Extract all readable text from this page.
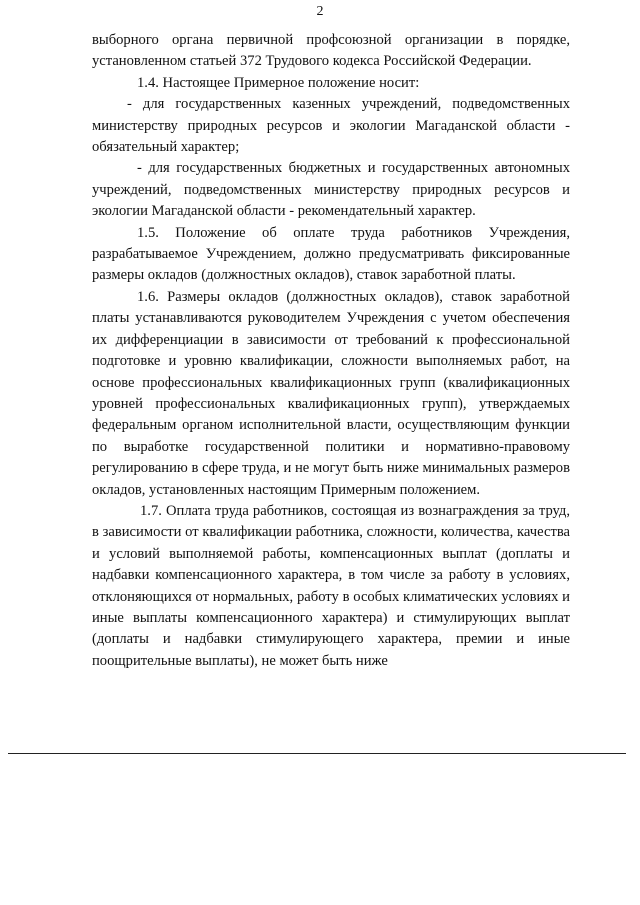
2

выборного органа первичной профсоюзной организации в порядке, установленном статьей 372 Трудового кодекса Российской Федерации.

1.4. Настоящее Примерное положение носит:

- для государственных казенных учреждений, подведомственных министерству природных ресурсов и экологии Магаданской области - обязательный характер;

- для государственных бюджетных и государственных автономных учреждений, подведомственных министерству природных ресурсов и экологии Магаданской области - рекомендательный характер.

1.5. Положение об оплате труда работников Учреждения, разрабатываемое Учреждением, должно предусматривать фиксированные размеры окладов (должностных окладов), ставок заработной платы.

1.6. Размеры окладов (должностных окладов), ставок заработной платы устанавливаются руководителем Учреждения с учетом обеспечения их дифференциации в зависимости от требований к профессиональной подготовке и уровню квалификации, сложности выполняемых работ, на основе профессиональных квалификационных групп (квалификационных уровней профессиональных квалификационных групп), утверждаемых федеральным органом исполнительной власти, осуществляющим функции по выработке государственной политики и нормативно-правовому регулированию в сфере труда, и не могут быть ниже минимальных размеров окладов, установленных настоящим Примерным положением.

1.7. Оплата труда работников, состоящая из вознаграждения за труд, в зависимости от квалификации работника, сложности, количества, качества и условий выполняемой работы, компенсационных выплат (доплаты и надбавки компенсационного характера, в том числе за работу в условиях, отклоняющихся от нормальных, работу в особых климатических условиях и иные выплаты компенсационного характера) и стимулирующих выплат (доплаты и надбавки стимулирующего характера, премии и иные поощрительные выплаты), не может быть ниже
